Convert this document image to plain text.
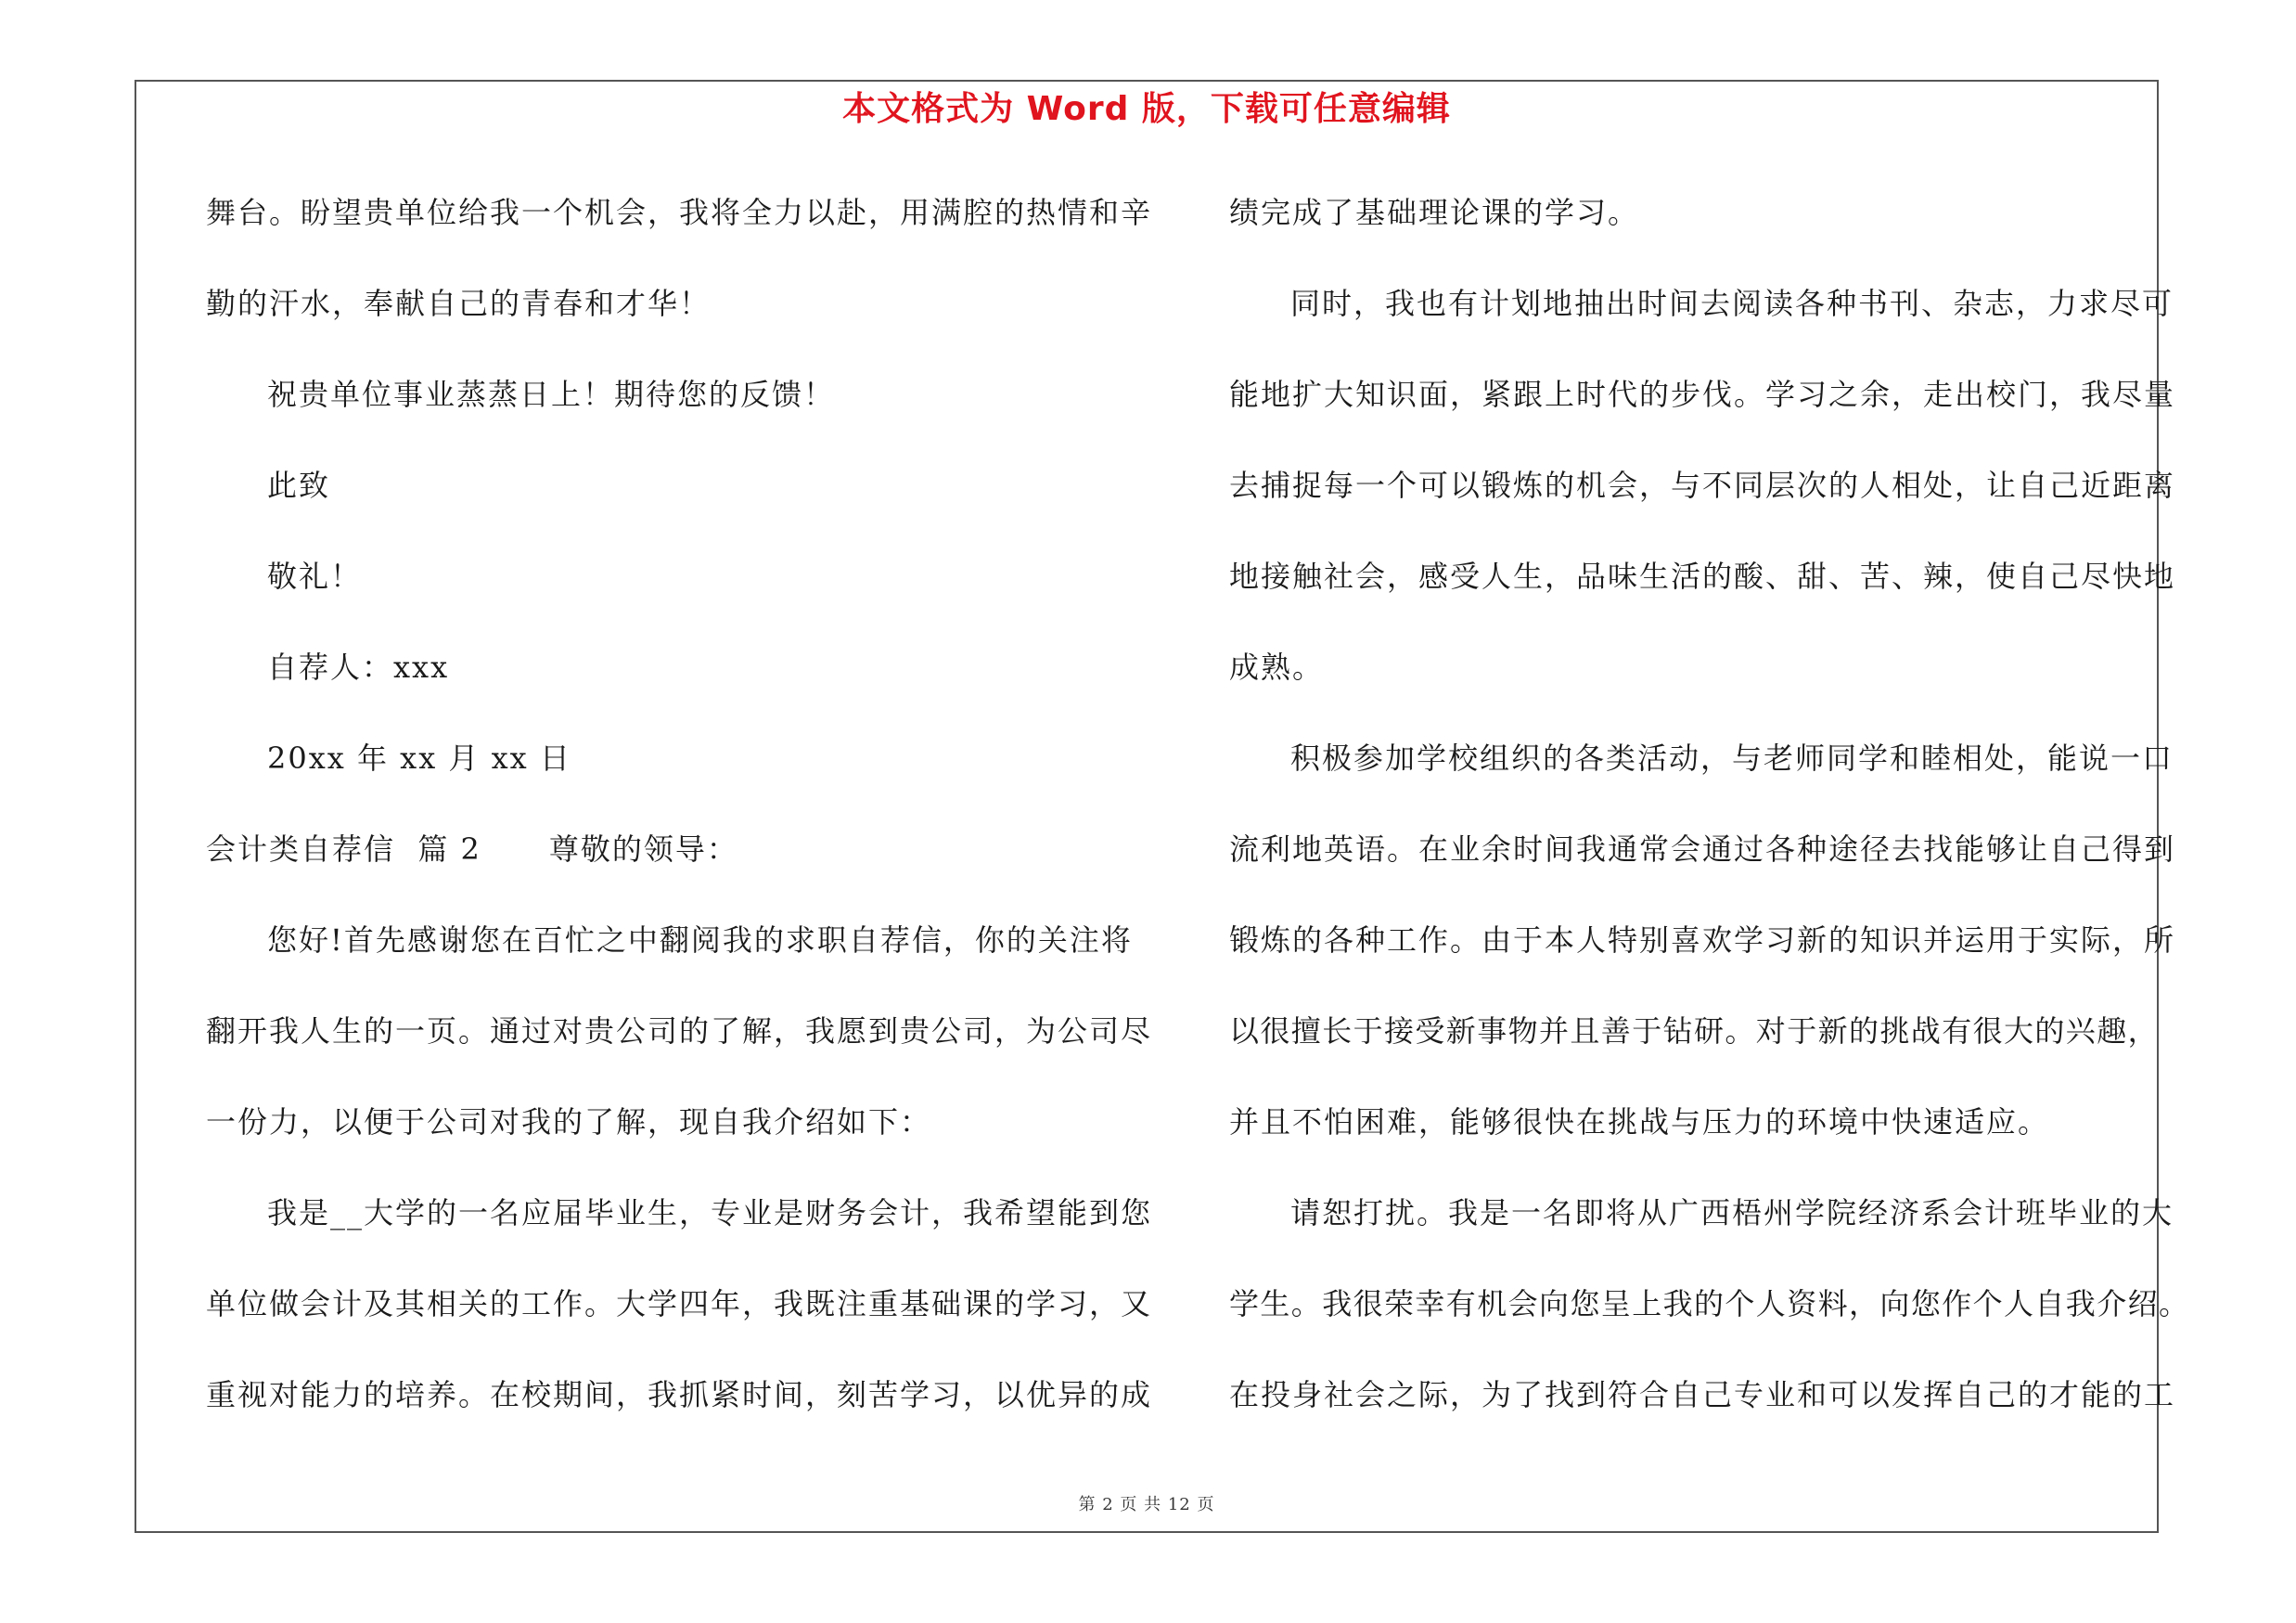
本文格式为 Word 版，下载可任意编辑
舞台。盼望贵单位给我一个机会，我将全力以赴，用满腔的热情和辛
勤的汗水，奉献自己的青春和才华！
祝贵单位事业蒸蒸日上！期待您的反馈！
此致
敬礼！
自荐人：xxx
20xx 年 xx 月 xx 日
会计类自荐信  篇 2      尊敬的领导：
您好!首先感谢您在百忙之中翻阅我的求职自荐信，你的关注将
翻开我人生的一页。通过对贵公司的了解，我愿到贵公司，为公司尽
一份力，以便于公司对我的了解，现自我介绍如下：
我是__大学的一名应届毕业生，专业是财务会计，我希望能到您
单位做会计及其相关的工作。大学四年，我既注重基础课的学习，又
重视对能力的培养。在校期间，我抓紧时间，刻苦学习，以优异的成
绩完成了基础理论课的学习。
同时，我也有计划地抽出时间去阅读各种书刊、杂志，力求尽可
能地扩大知识面，紧跟上时代的步伐。学习之余，走出校门，我尽量
去捕捉每一个可以锻炼的机会，与不同层次的人相处，让自己近距离
地接触社会，感受人生，品味生活的酸、甜、苦、辣，使自己尽快地
成熟。
积极参加学校组织的各类活动，与老师同学和睦相处，能说一口
流利地英语。在业余时间我通常会通过各种途径去找能够让自己得到
锻炼的各种工作。由于本人特别喜欢学习新的知识并运用于实际，所
以很擅长于接受新事物并且善于钻研。对于新的挑战有很大的兴趣，
并且不怕困难，能够很快在挑战与压力的环境中快速适应。
请恕打扰。我是一名即将从广西梧州学院经济系会计班毕业的大
学生。我很荣幸有机会向您呈上我的个人资料，向您作个人自我介绍。
在投身社会之际，为了找到符合自己专业和可以发挥自己的才能的工
第 2 页 共 12 页
